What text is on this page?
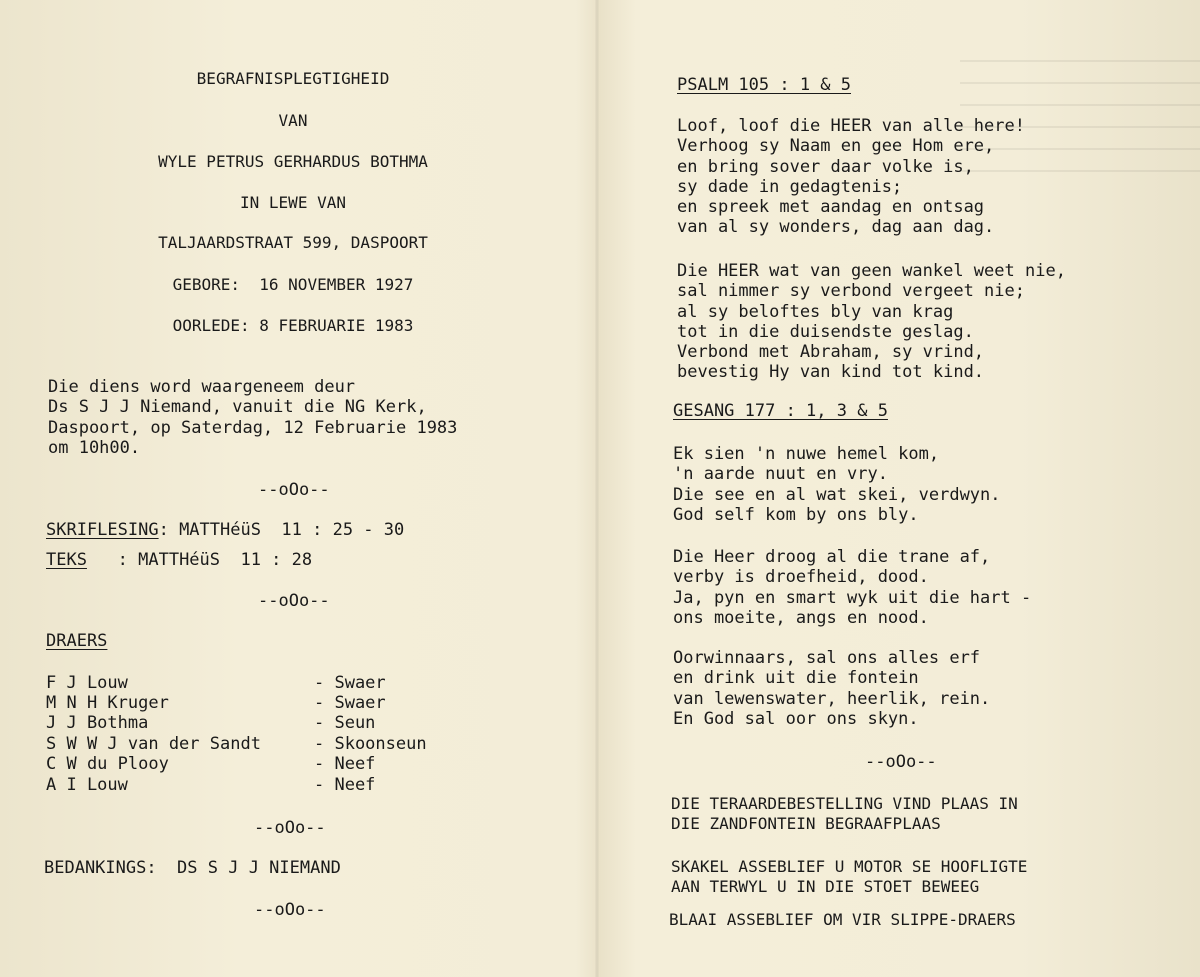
BEGRAFNISPLEGTIGHEID
VAN
WYLE PETRUS GERHARDUS BOTHMA
IN LEWE VAN
TALJAARDSTRAAT 599, DASPOORT
GEBORE:  16 NOVEMBER 1927
OORLEDE: 8 FEBRUARIE 1983
Die diens word waargeneem deur
Ds S J J Niemand, vanuit die NG Kerk,
Daspoort, op Saterdag, 12 Februarie 1983
om 10h00.
--oOo--
SKRIFLESING: MATTHéüS  11 : 25 - 30
TEKS   : MATTHéüS  11 : 28
--oOo--
DRAERS
F J Louw	- Swaer
M N H Kruger	- Swaer
J J Bothma	- Seun
S W W J van der Sandt	- Skoonseun
C W du Plooy	- Neef
A I Louw	- Neef
--oOo--
BEDANKINGS:  DS S J J NIEMAND
--oOo--
PSALM 105 : 1 & 5
Loof, loof die HEER van alle here!
Verhoog sy Naam en gee Hom ere,
en bring sover daar volke is,
sy dade in gedagtenis;
en spreek met aandag en ontsag
van al sy wonders, dag aan dag.
Die HEER wat van geen wankel weet nie,
sal nimmer sy verbond vergeet nie;
al sy beloftes bly van krag
tot in die duisendste geslag.
Verbond met Abraham, sy vrind,
bevestig Hy van kind tot kind.
GESANG 177 : 1, 3 & 5
Ek sien 'n nuwe hemel kom,
'n aarde nuut en vry.
Die see en al wat skei, verdwyn.
God self kom by ons bly.
Die Heer droog al die trane af,
verby is droefheid, dood.
Ja, pyn en smart wyk uit die hart -
ons moeite, angs en nood.
Oorwinnaars, sal ons alles erf
en drink uit die fontein
van lewenswater, heerlik, rein.
En God sal oor ons skyn.
--oOo--
DIE TERAARDEBESTELLING VIND PLAAS IN
DIE ZANDFONTEIN BEGRAAFPLAAS
SKAKEL ASSEBLIEF U MOTOR SE HOOFLIGTE
AAN TERWYL U IN DIE STOET BEWEEG
BLAAI ASSEBLIEF OM VIR SLIPPE-DRAERS
